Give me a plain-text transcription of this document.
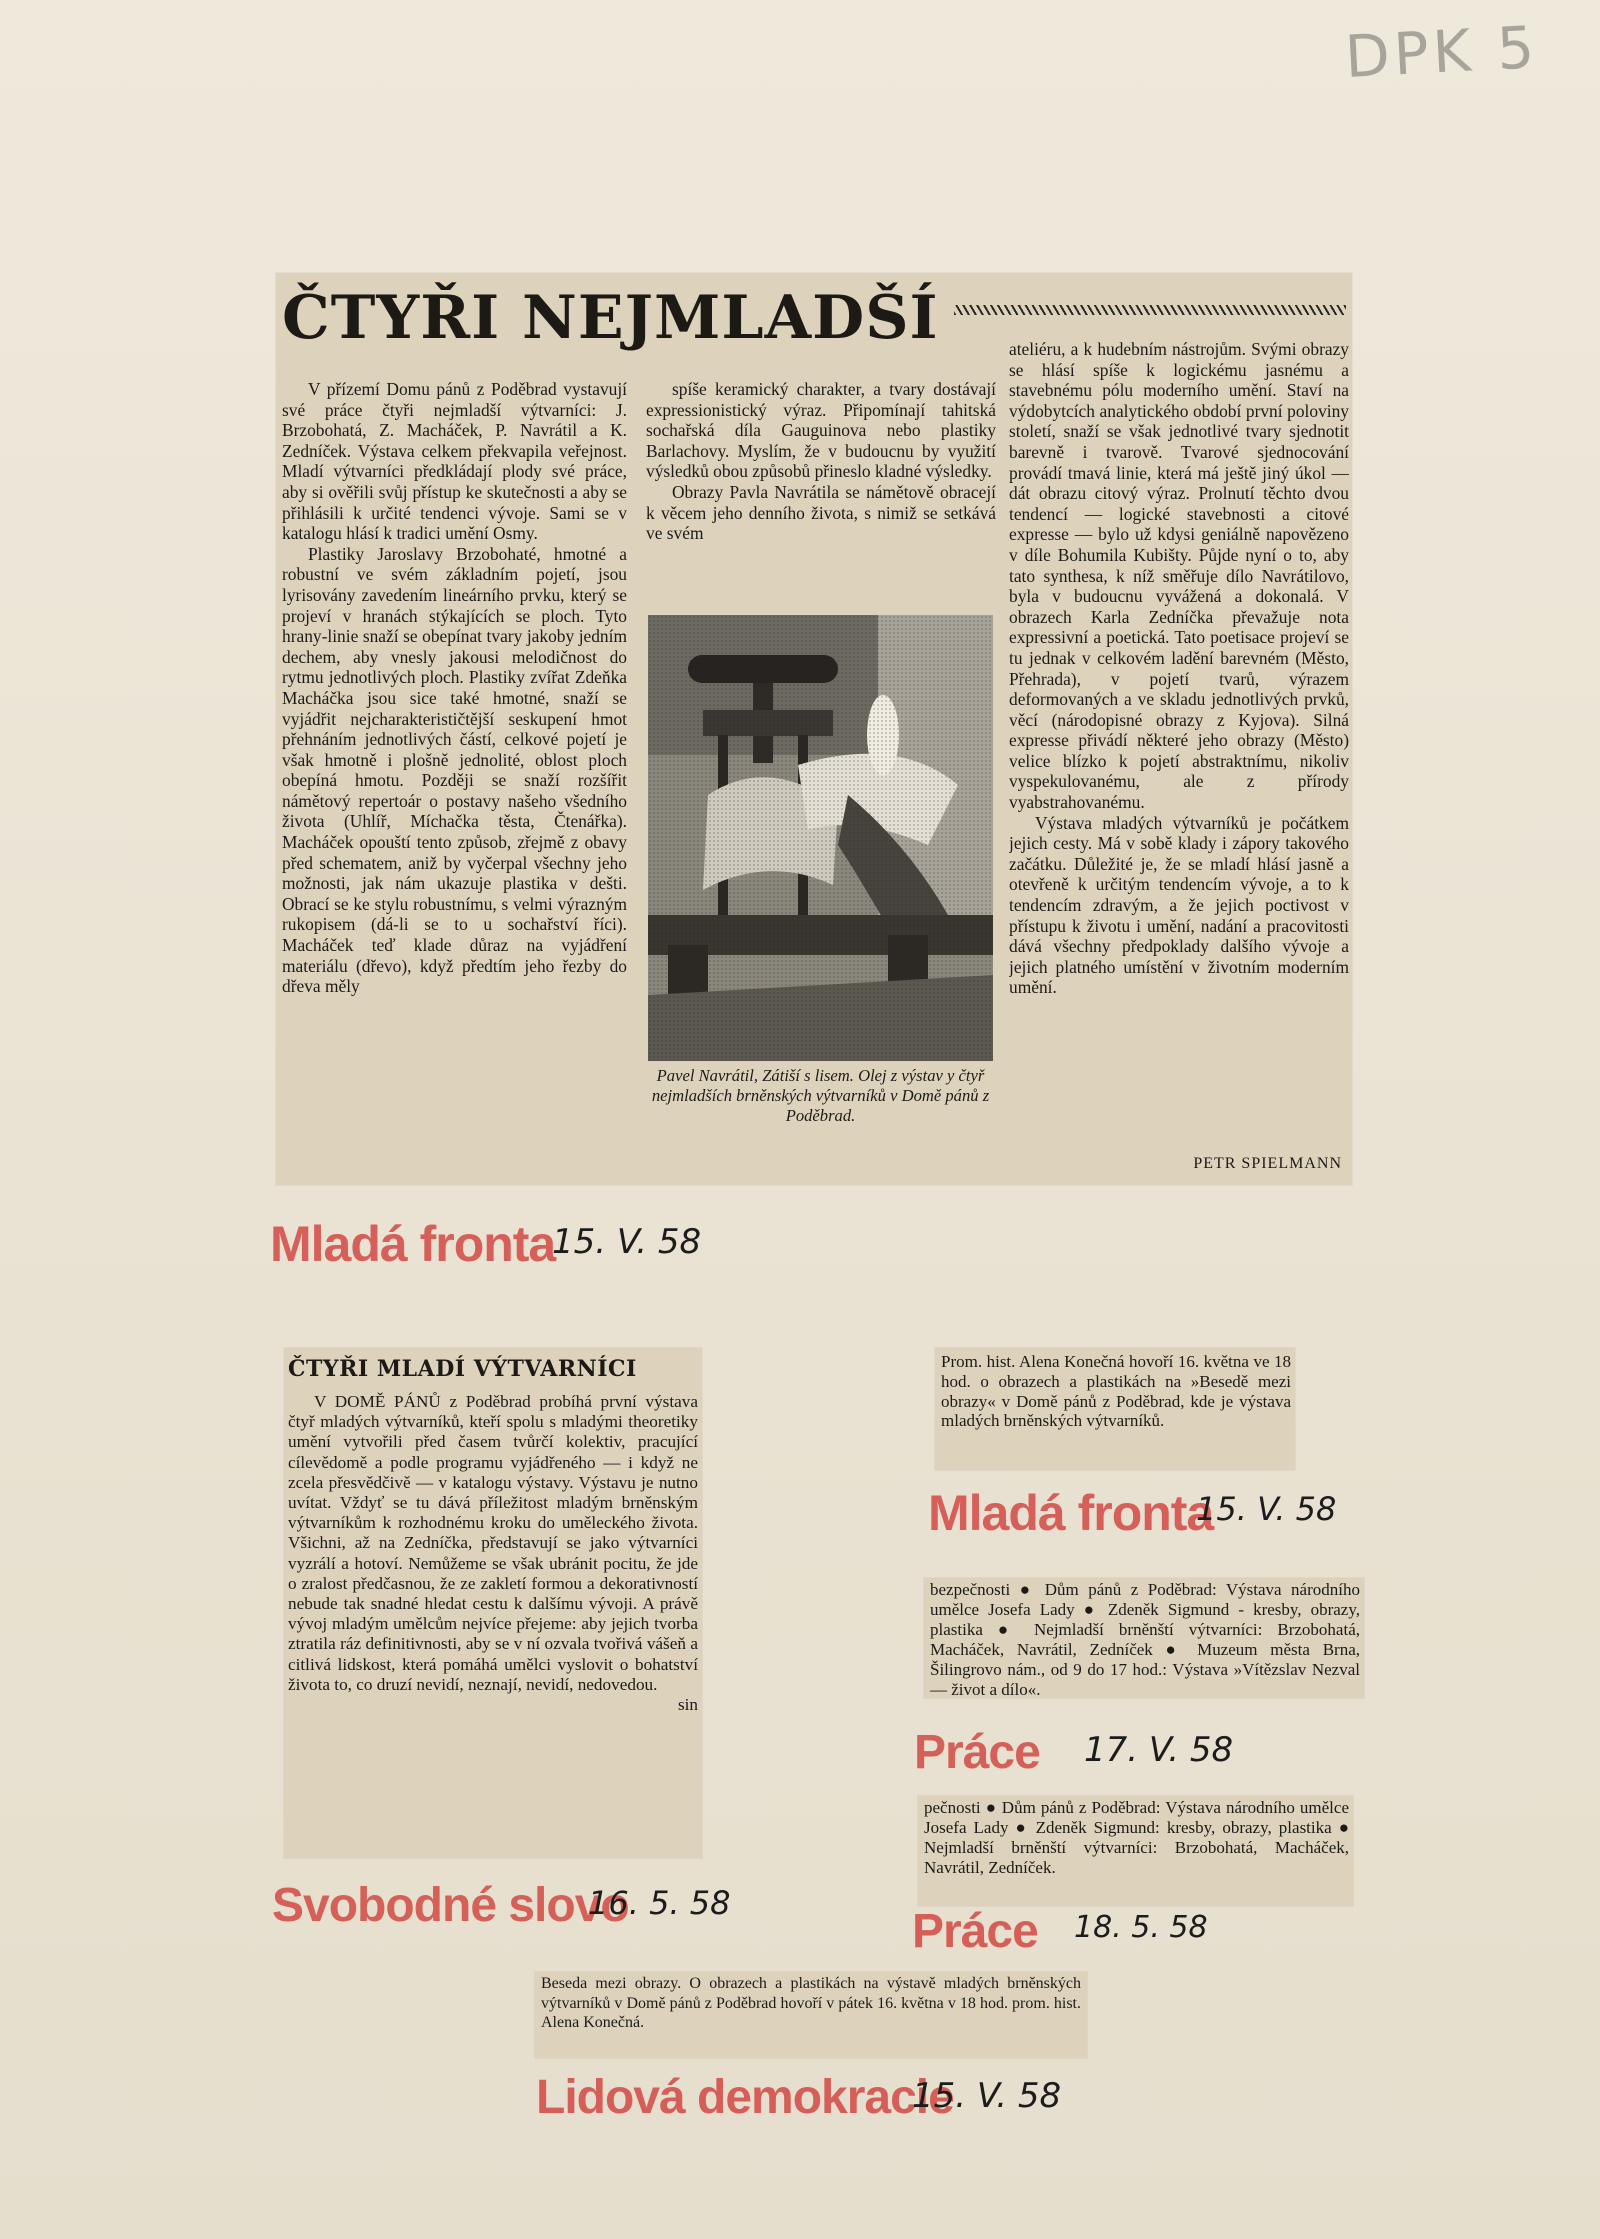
DPK 5
ČTYŘI NEJMLADŠÍ

V přízemí Domu pánů z Poděbrad vystavují své práce čtyři nejmladší výtvarníci: J. Brzobohatá, Z. Macháček, P. Navrátil a K. Zedníček. Výstava celkem překvapila veřejnost. Mladí výtvarníci předkládají plody své práce, aby si ověřili svůj přístup ke skutečnosti a aby se přihlásili k určité tendenci vývoje. Sami se v katalogu hlásí k tradici umění Osmy.

Plastiky Jaroslavy Brzobohaté, hmotné a robustní ve svém základním pojetí, jsou lyrisovány zavedením lineárního prvku, který se projeví v hranách stýkajících se ploch. Tyto hrany-linie snaží se obepínat tvary jakoby jedním dechem, aby vnesly jakousi melodičnost do rytmu jednotlivých ploch. Plastiky zvířat Zdeňka Macháčka jsou sice také hmotné, snaží se vyjádřit nejcharakterističtější seskupení hmot přehnáním jednotlivých částí, celkové pojetí je však hmotně i plošně jednolité, oblost ploch obepíná hmotu. Později se snaží rozšířit námětový repertoár o postavy našeho všedního života (Uhlíř, Míchačka těsta, Čtenářka). Macháček opouští tento způsob, zřejmě z obavy před schematem, aniž by vyčerpal všechny jeho možnosti, jak nám ukazuje plastika v dešti. Obrací se ke stylu robustnímu, s velmi výrazným rukopisem (dá-li se to u sochařství říci). Macháček teď klade důraz na vyjádření materiálu (dřevo), když předtím jeho řezby do dřeva měly

spíše keramický charakter, a tvary dostávají expressionistický výraz. Připomínají tahitská sochařská díla Gauguinova nebo plastiky Barlachovy. Myslím, že v budoucnu by využití výsledků obou způsobů přineslo kladné výsledky.

Obrazy Pavla Navrátila se námětově obracejí k věcem jeho denního života, s nimiž se setkává ve svém

Pavel Navrátil, Zátiší s lisem. Olej z výstav y čtyř nejmladších brněnských výtvarníků v Domě pánů z Poděbrad.

ateliéru, a k hudebním nástrojům. Svými obrazy se hlásí spíše k logickému jasnému a stavebnému pólu moderního umění. Staví na výdobytcích analytického období první poloviny století, snaží se však jednotlivé tvary sjednotit barevně i tvarově. Tvarové sjednocování provádí tmavá linie, která má ještě jiný úkol — dát obrazu citový výraz. Prolnutí těchto dvou tendencí — logické stavebnosti a citové expresse — bylo už kdysi geniálně napovězeno v díle Bohumila Kubišty. Půjde nyní o to, aby tato synthesa, k níž směřuje dílo Navrátilovo, byla v budoucnu vyvážená a dokonalá. V obrazech Karla Zedníčka převažuje nota expressivní a poetická. Tato poetisace projeví se tu jednak v celkovém ladění barevném (Město, Přehrada), v pojetí tvarů, výrazem deformovaných a ve skladu jednotlivých prvků, věcí (národopisné obrazy z Kyjova). Silná expresse přivádí některé jeho obrazy (Město) velice blízko k pojetí abstraktnímu, nikoliv vyspekulovanému, ale z přírody vyabstrahovanému.

Výstava mladých výtvarníků je počátkem jejich cesty. Má v sobě klady i zápory takového začátku. Důležité je, že se mladí hlásí jasně a otevřeně k určitým tendencím vývoje, a to k tendencím zdravým, a že jejich poctivost v přístupu k životu i umění, nadání a pracovitosti dává všechny předpoklady dalšího vývoje a jejich platného umístění v životním moderním umění.

PETR SPIELMANN
Mladá fronta
15. V. 58
ČTYŘI MLADÍ VÝTVARNÍCI

V DOMĚ PÁNŮ z Poděbrad probíhá první výstava čtyř mladých výtvarníků, kteří spolu s mladými theoretiky umění vytvořili před časem tvůrčí kolektiv, pracující cílevědomě a podle programu vyjádřeného — i když ne zcela přesvědčivě — v katalogu výstavy. Výstavu je nutno uvítat. Vždyť se tu dává příležitost mladým brněnským výtvarníkům k rozhodnému kroku do uměleckého života. Všichni, až na Zedníčka, představují se jako výtvarníci vyzrálí a hotoví. Nemůžeme se však ubránit pocitu, že jde o zralost předčasnou, že ze zakletí formou a dekorativností nebude tak snadné hledat cestu k dalšímu vývoji. A právě vývoj mladým umělcům nejvíce přejeme: aby jejich tvorba ztratila ráz definitivnosti, aby se v ní ozvala tvořivá vášeň a citlivá lidskost, která pomáhá umělci vyslovit o bohatství života to, co druzí nevidí, neznají, nevidí, nedovedou.

sin

Svobodné slovo
16. 5. 58
Prom. hist. Alena Konečná hovoří 16. května ve 18 hod. o obrazech a plastikách na »Besedě mezi obrazy« v Domě pánů z Poděbrad, kde je výstava mladých brněnských výtvarníků.
Mladá fronta
15. V. 58
bezpečnosti ● Dům pánů z Poděbrad: Výstava národního umělce Josefa Lady ● Zdeněk Sigmund - kresby, obrazy, plastika ● Nejmladší brněnští výtvarníci: Brzobohatá, Macháček, Navrátil, Zedníček ● Muzeum města Brna, Šilingrovo nám., od 9 do 17 hod.: Výstava »Vítězslav Nezval — život a dílo«.
Práce 17. V. 58
pečnosti ● Dům pánů z Poděbrad: Výstava národního umělce Josefa Lady ● Zdeněk Sigmund: kresby, obrazy, plastika ● Nejmladší brněnští výtvarníci: Brzobohatá, Macháček, Navrátil, Zedníček.
Práce 18. 5. 58
Beseda mezi obrazy. O obrazech a plastikách na výstavě mladých brněnských výtvarníků v Domě pánů z Poděbrad hovoří v pátek 16. května v 18 hod. prom. hist. Alena Konečná.
Lidová demokracie
15. V. 58
